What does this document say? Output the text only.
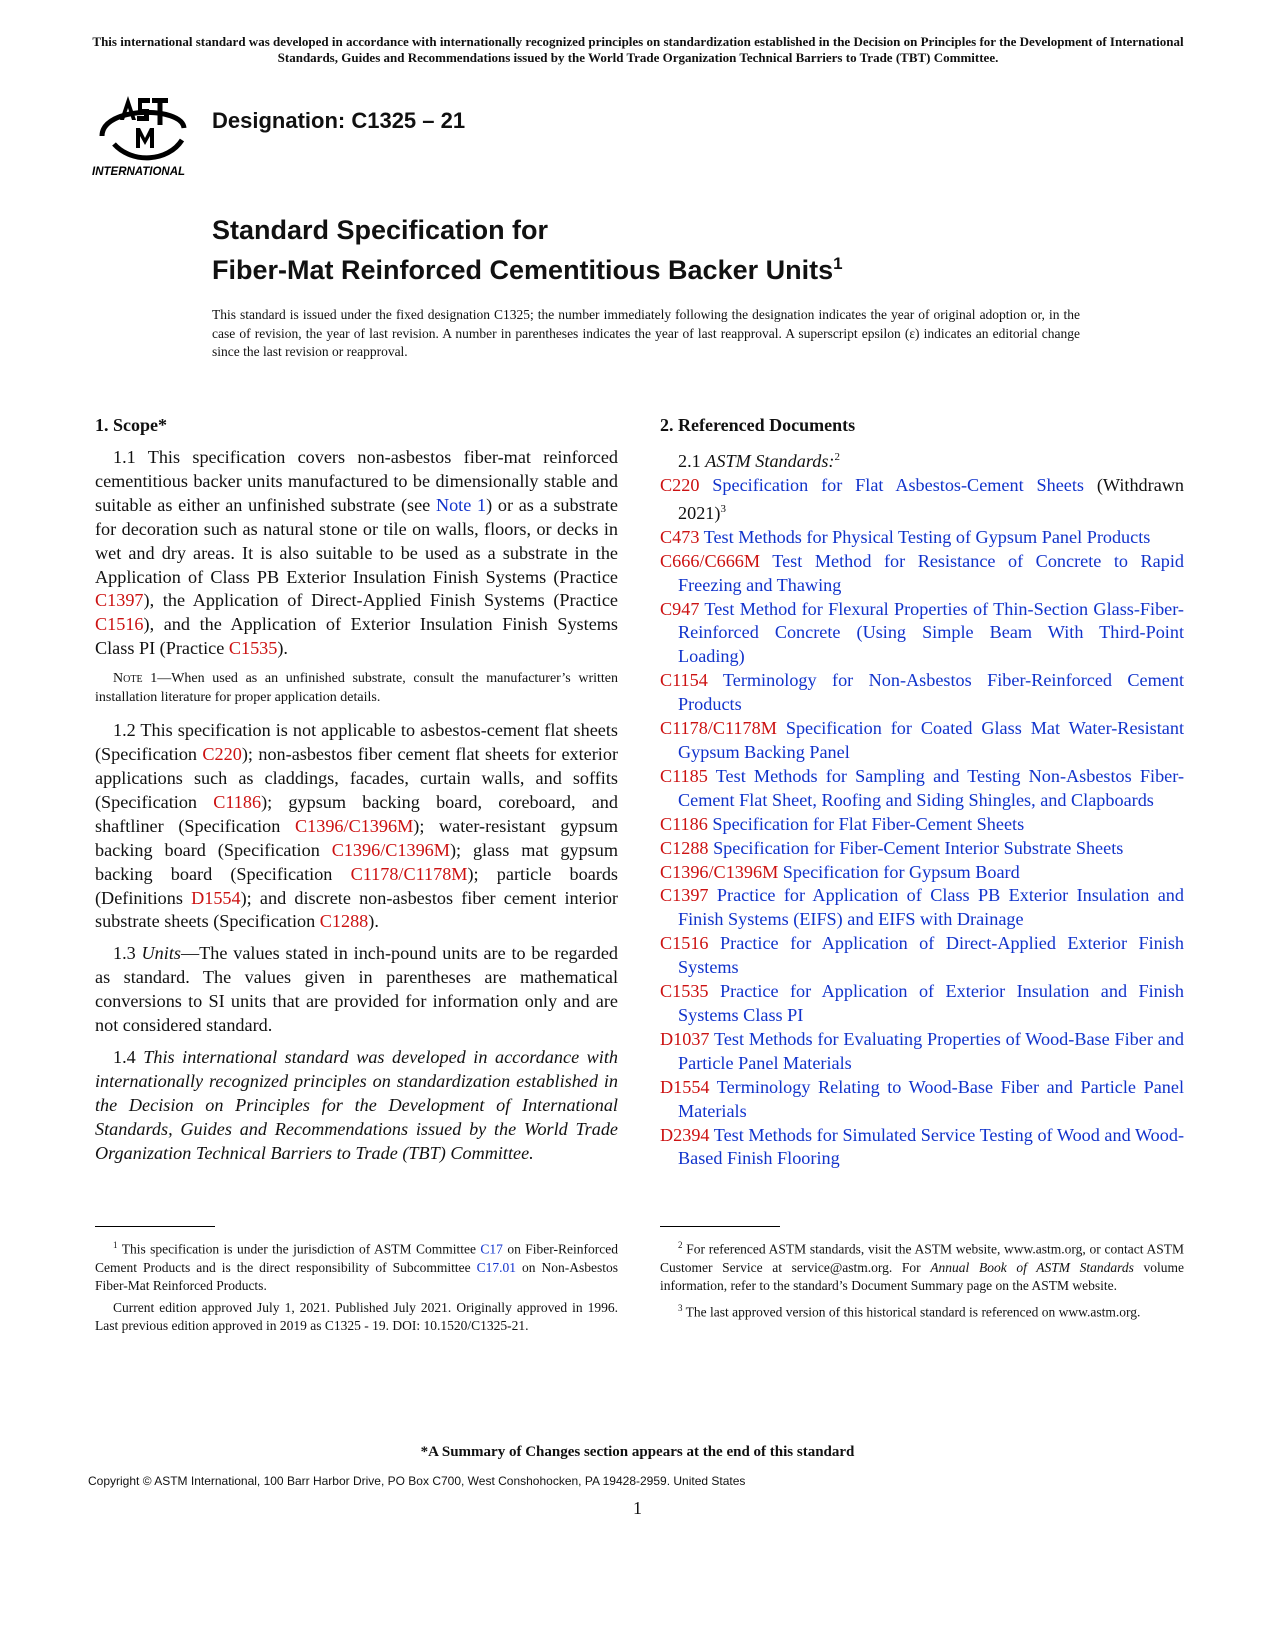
This international standard was developed in accordance with internationally recognized principles on standardization established in the Decision on Principles for the Development of International Standards, Guides and Recommendations issued by the World Trade Organization Technical Barriers to Trade (TBT) Committee.
INTERNATIONAL
Designation: C1325 – 21
Standard Specification for
Fiber-Mat Reinforced Cementitious Backer Units$^1$
This standard is issued under the fixed designation C1325; the number immediately following the designation indicates the year of original adoption or, in the case of revision, the year of last revision. A number in parentheses indicates the year of last reapproval. A superscript epsilon (ε) indicates an editorial change since the last revision or reapproval.
1. Scope*

1.1 This specification covers non-asbestos fiber-mat reinforced cementitious backer units manufactured to be dimensionally stable and suitable as either an unfinished substrate (see Note 1) or as a substrate for decoration such as natural stone or tile on walls, floors, or decks in wet and dry areas. It is also suitable to be used as a substrate in the Application of Class PB Exterior Insulation Finish Systems (Practice C1397), the Application of Direct-Applied Finish Systems (Practice C1516), and the Application of Exterior Insulation Finish Systems Class PI (Practice C1535).

Note 1—When used as an unfinished substrate, consult the manufacturer’s written installation literature for proper application details.

1.2 This specification is not applicable to asbestos-cement flat sheets (Specification C220); non-asbestos fiber cement flat sheets for exterior applications such as claddings, facades, curtain walls, and soffits (Specification C1186); gypsum backing board, coreboard, and shaftliner (Specification C1396/C1396M); water-resistant gypsum backing board (Specification C1396/C1396M); glass mat gypsum backing board (Specification C1178/C1178M); particle boards (Definitions D1554); and discrete non-asbestos fiber cement interior substrate sheets (Specification C1288).

1.3 Units—The values stated in inch-pound units are to be regarded as standard. The values given in parentheses are mathematical conversions to SI units that are provided for information only and are not considered standard.

1.4 This international standard was developed in accordance with internationally recognized principles on standardization established in the Decision on Principles for the Development of International Standards, Guides and Recommendations issued by the World Trade Organization Technical Barriers to Trade (TBT) Committee.

2. Referenced Documents

2.1 ASTM Standards:$^2$

C220 Specification for Flat Asbestos-Cement Sheets (Withdrawn 2021)$^3$

C473 Test Methods for Physical Testing of Gypsum Panel Products

C666/C666M Test Method for Resistance of Concrete to Rapid Freezing and Thawing

C947 Test Method for Flexural Properties of Thin-Section Glass-Fiber-Reinforced Concrete (Using Simple Beam With Third-Point Loading)

C1154 Terminology for Non-Asbestos Fiber-Reinforced Cement Products

C1178/C1178M Specification for Coated Glass Mat Water-Resistant Gypsum Backing Panel

C1185 Test Methods for Sampling and Testing Non-Asbestos Fiber-Cement Flat Sheet, Roofing and Siding Shingles, and Clapboards

C1186 Specification for Flat Fiber-Cement Sheets

C1288 Specification for Fiber-Cement Interior Substrate Sheets

C1396/C1396M Specification for Gypsum Board

C1397 Practice for Application of Class PB Exterior Insulation and Finish Systems (EIFS) and EIFS with Drainage

C1516 Practice for Application of Direct-Applied Exterior Finish Systems

C1535 Practice for Application of Exterior Insulation and Finish Systems Class PI

D1037 Test Methods for Evaluating Properties of Wood-Base Fiber and Particle Panel Materials

D1554 Terminology Relating to Wood-Base Fiber and Particle Panel Materials

D2394 Test Methods for Simulated Service Testing of Wood and Wood-Based Finish Flooring

$^1$ This specification is under the jurisdiction of ASTM Committee C17 on Fiber-Reinforced Cement Products and is the direct responsibility of Subcommittee C17.01 on Non-Asbestos Fiber-Mat Reinforced Products.

Current edition approved July 1, 2021. Published July 2021. Originally approved in 1996. Last previous edition approved in 2019 as C1325 - 19. DOI: 10.1520/C1325-21.

$^2$ For referenced ASTM standards, visit the ASTM website, www.astm.org, or contact ASTM Customer Service at service@astm.org. For Annual Book of ASTM Standards volume information, refer to the standard’s Document Summary page on the ASTM website.

$^3$ The last approved version of this historical standard is referenced on www.astm.org.

*A Summary of Changes section appears at the end of this standard
Copyright © ASTM International, 100 Barr Harbor Drive, PO Box C700, West Conshohocken, PA 19428-2959. United States
1
